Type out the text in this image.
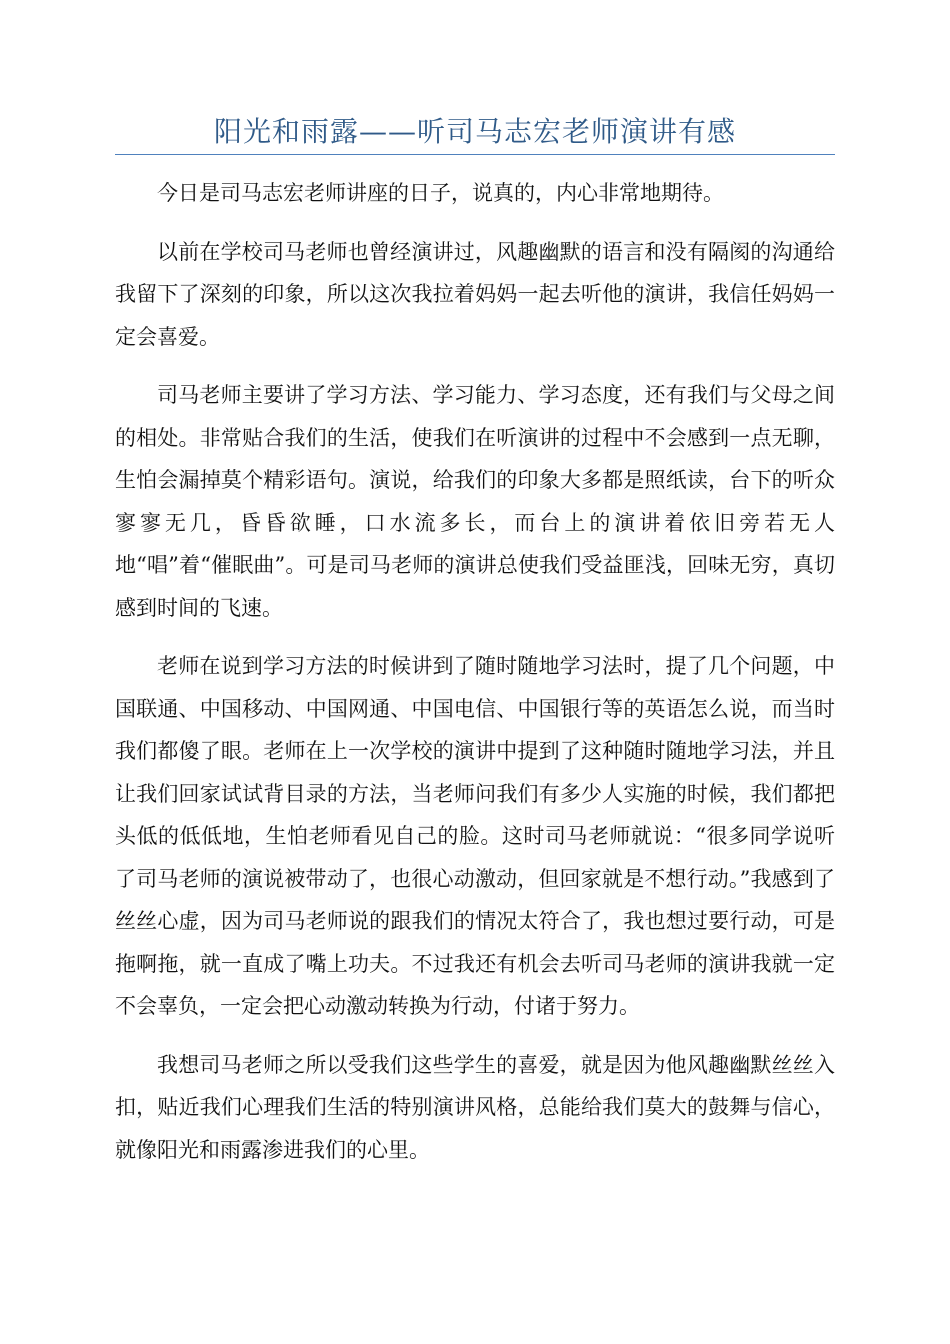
阳光和雨露——听司马志宏老师演讲有感

今日是司马志宏老师讲座的日子，说真的，内心非常地期待。

以前在学校司马老师也曾经演讲过，风趣幽默的语言和没有隔阂的沟通给我留下了深刻的印象，所以这次我拉着妈妈一起去听他的演讲，我信任妈妈一定会喜爱。

司马老师主要讲了学习方法、学习能力、学习态度，还有我们与父母之间的相处。非常贴合我们的生活，使我们在听演讲的过程中不会感到一点无聊，生怕会漏掉莫个精彩语句。演说，给我们的印象大多都是照纸读，台下的听众寥寥无几，昏昏欲睡，口水流多长，而台上的演讲着依旧旁若无人地“唱”着“催眠曲”。可是司马老师的演讲总使我们受益匪浅，回味无穷，真切感到时间的飞速。

老师在说到学习方法的时候讲到了随时随地学习法时，提了几个问题，中国联通、中国移动、中国网通、中国电信、中国银行等的英语怎么说，而当时我们都傻了眼。老师在上一次学校的演讲中提到了这种随时随地学习法，并且让我们回家试试背目录的方法，当老师问我们有多少人实施的时候，我们都把头低的低低地，生怕老师看见自己的脸。这时司马老师就说：“很多同学说听了司马老师的演说被带动了，也很心动激动，但回家就是不想行动。”我感到了丝丝心虚，因为司马老师说的跟我们的情况太符合了，我也想过要行动，可是拖啊拖，就一直成了嘴上功夫。不过我还有机会去听司马老师的演讲我就一定不会辜负，一定会把心动激动转换为行动，付诸于努力。

我想司马老师之所以受我们这些学生的喜爱，就是因为他风趣幽默丝丝入扣，贴近我们心理我们生活的特别演讲风格，总能给我们莫大的鼓舞与信心，就像阳光和雨露渗进我们的心里。
